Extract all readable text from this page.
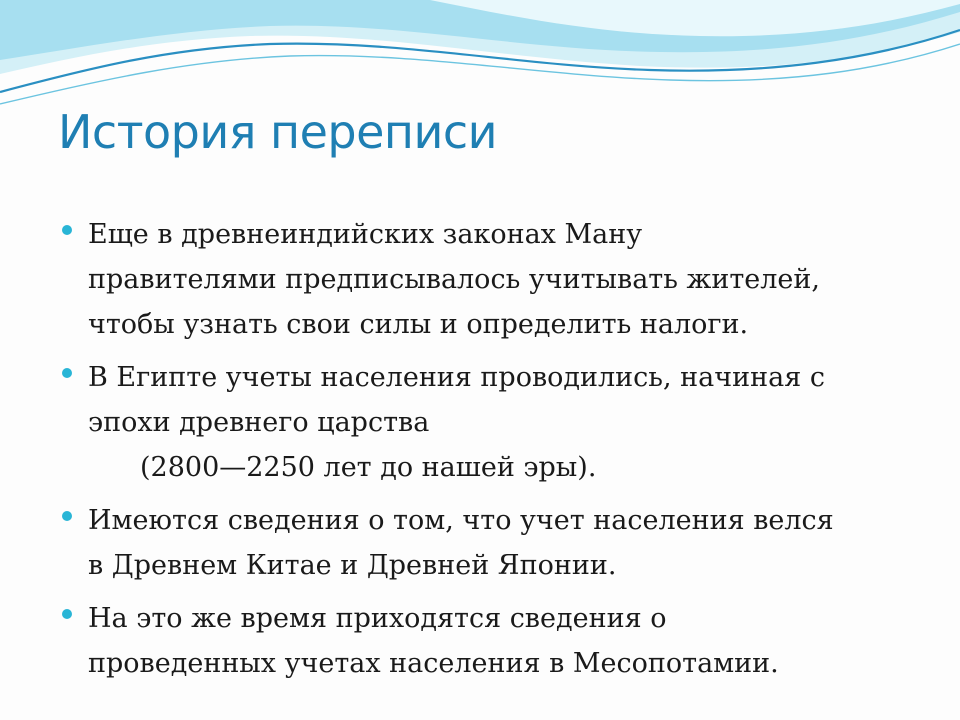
История переписи
Еще в древнеиндийских законах Ману
правителями предписывалось учитывать жителей,
чтобы узнать свои силы и определить налоги.
В Египте учеты населения проводились, начиная с
эпохи древнего царства
(2800—2250 лет до нашей эры).
Имеются сведения о том, что учет населения велся
в Древнем Китае и Древней Японии.
На это же время приходятся сведения о
проведенных учетах населения в Месопотамии.
